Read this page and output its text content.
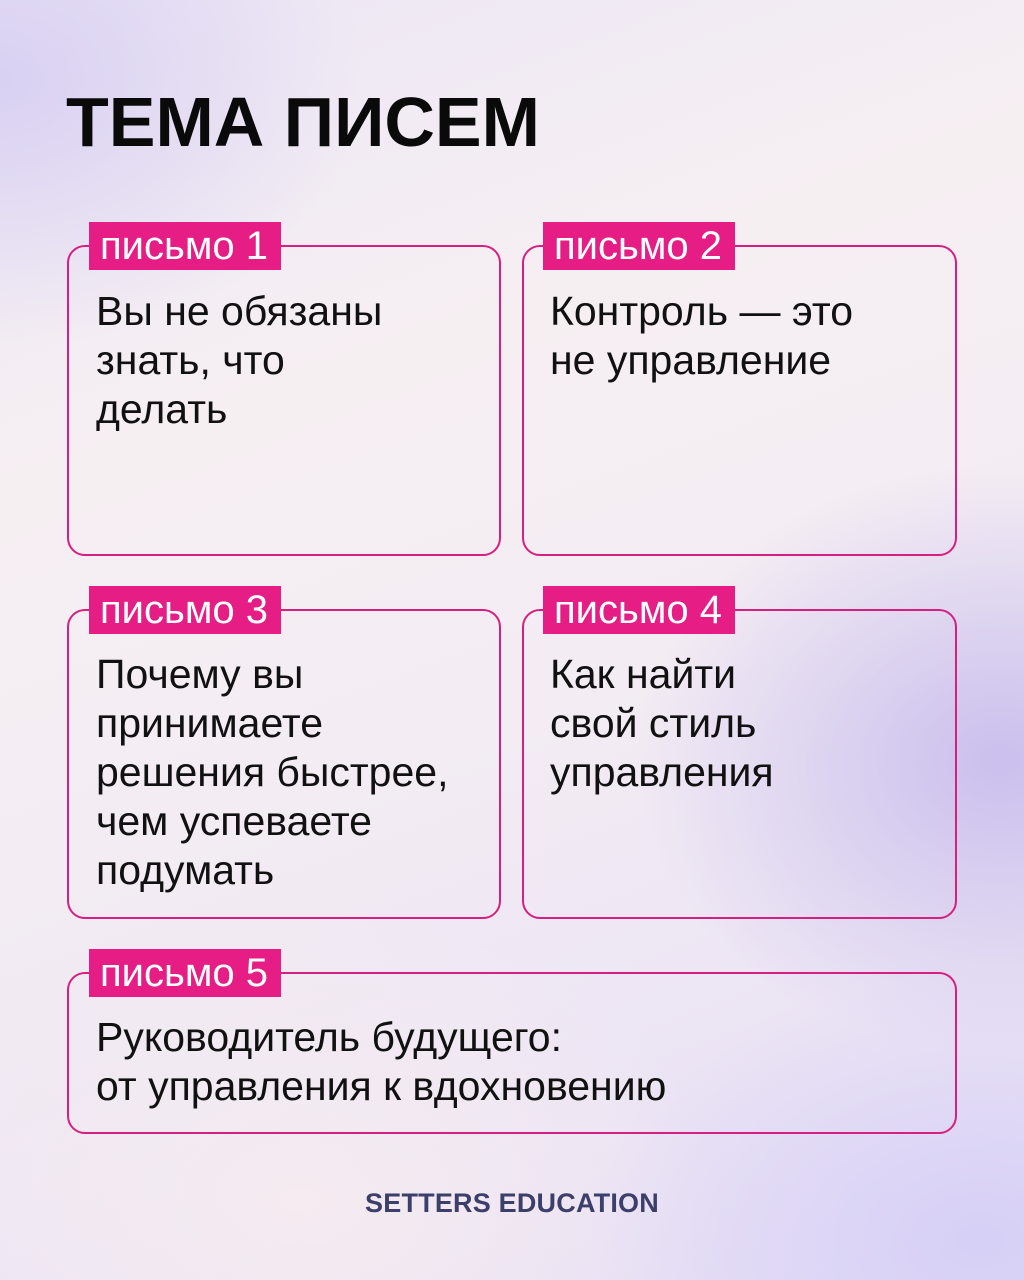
ТЕМА ПИСЕМ
письмо 1
Вы не обязаны
знать, что
делать
письмо 2
Контроль — это
не управление
письмо 3
Почему вы
принимаете
решения быстрее,
чем успеваете
подумать
письмо 4
Как найти
свой стиль
управления
письмо 5
Руководитель будущего:
от управления к вдохновению
SETTERS EDUCATION
